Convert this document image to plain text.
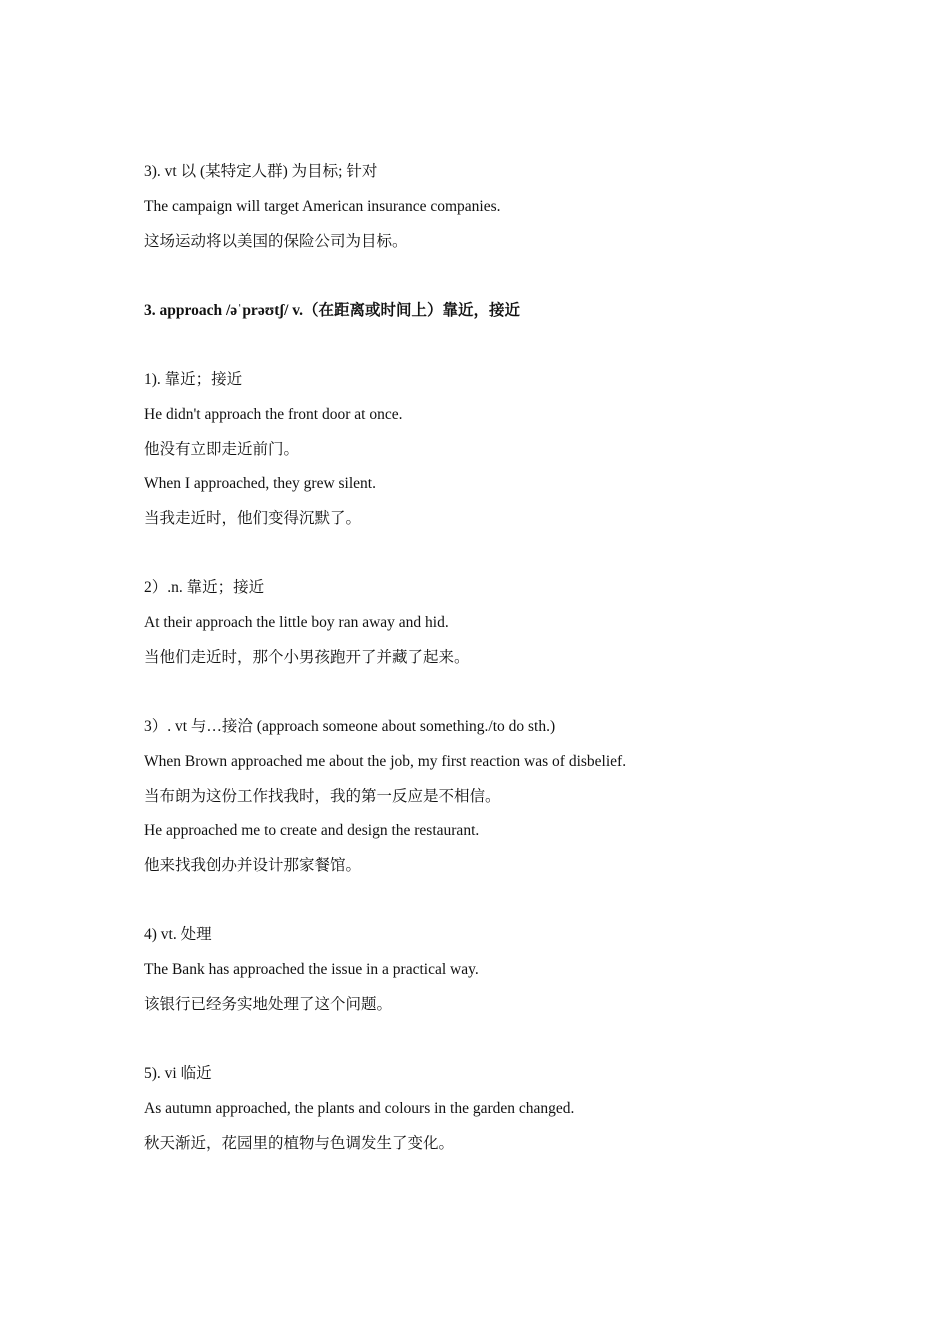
3). vt 以 (某特定人群) 为目标; 针对
The campaign will target American insurance companies.
这场运动将以美国的保险公司为目标。
3. approach /əˈprəʊtʃ/ v.（在距离或时间上）靠近，接近
1). 靠近；接近
He didn't approach the front door at once.
他没有立即走近前门。
When I approached, they grew silent.
当我走近时，他们变得沉默了。
2）.n. 靠近；接近
At their approach the little boy ran away and hid.
当他们走近时，那个小男孩跑开了并藏了起来。
3）. vt 与…接洽 (approach someone about something./to do sth.)
When Brown approached me about the job, my first reaction was of disbelief.
当布朗为这份工作找我时，我的第一反应是不相信。
He approached me to create and design the restaurant.
他来找我创办并设计那家餐馆。
4) vt. 处理
The Bank has approached the issue in a practical way.
该银行已经务实地处理了这个问题。
5). vi 临近
As autumn approached, the plants and colours in the garden changed.
秋天渐近，花园里的植物与色调发生了变化。
